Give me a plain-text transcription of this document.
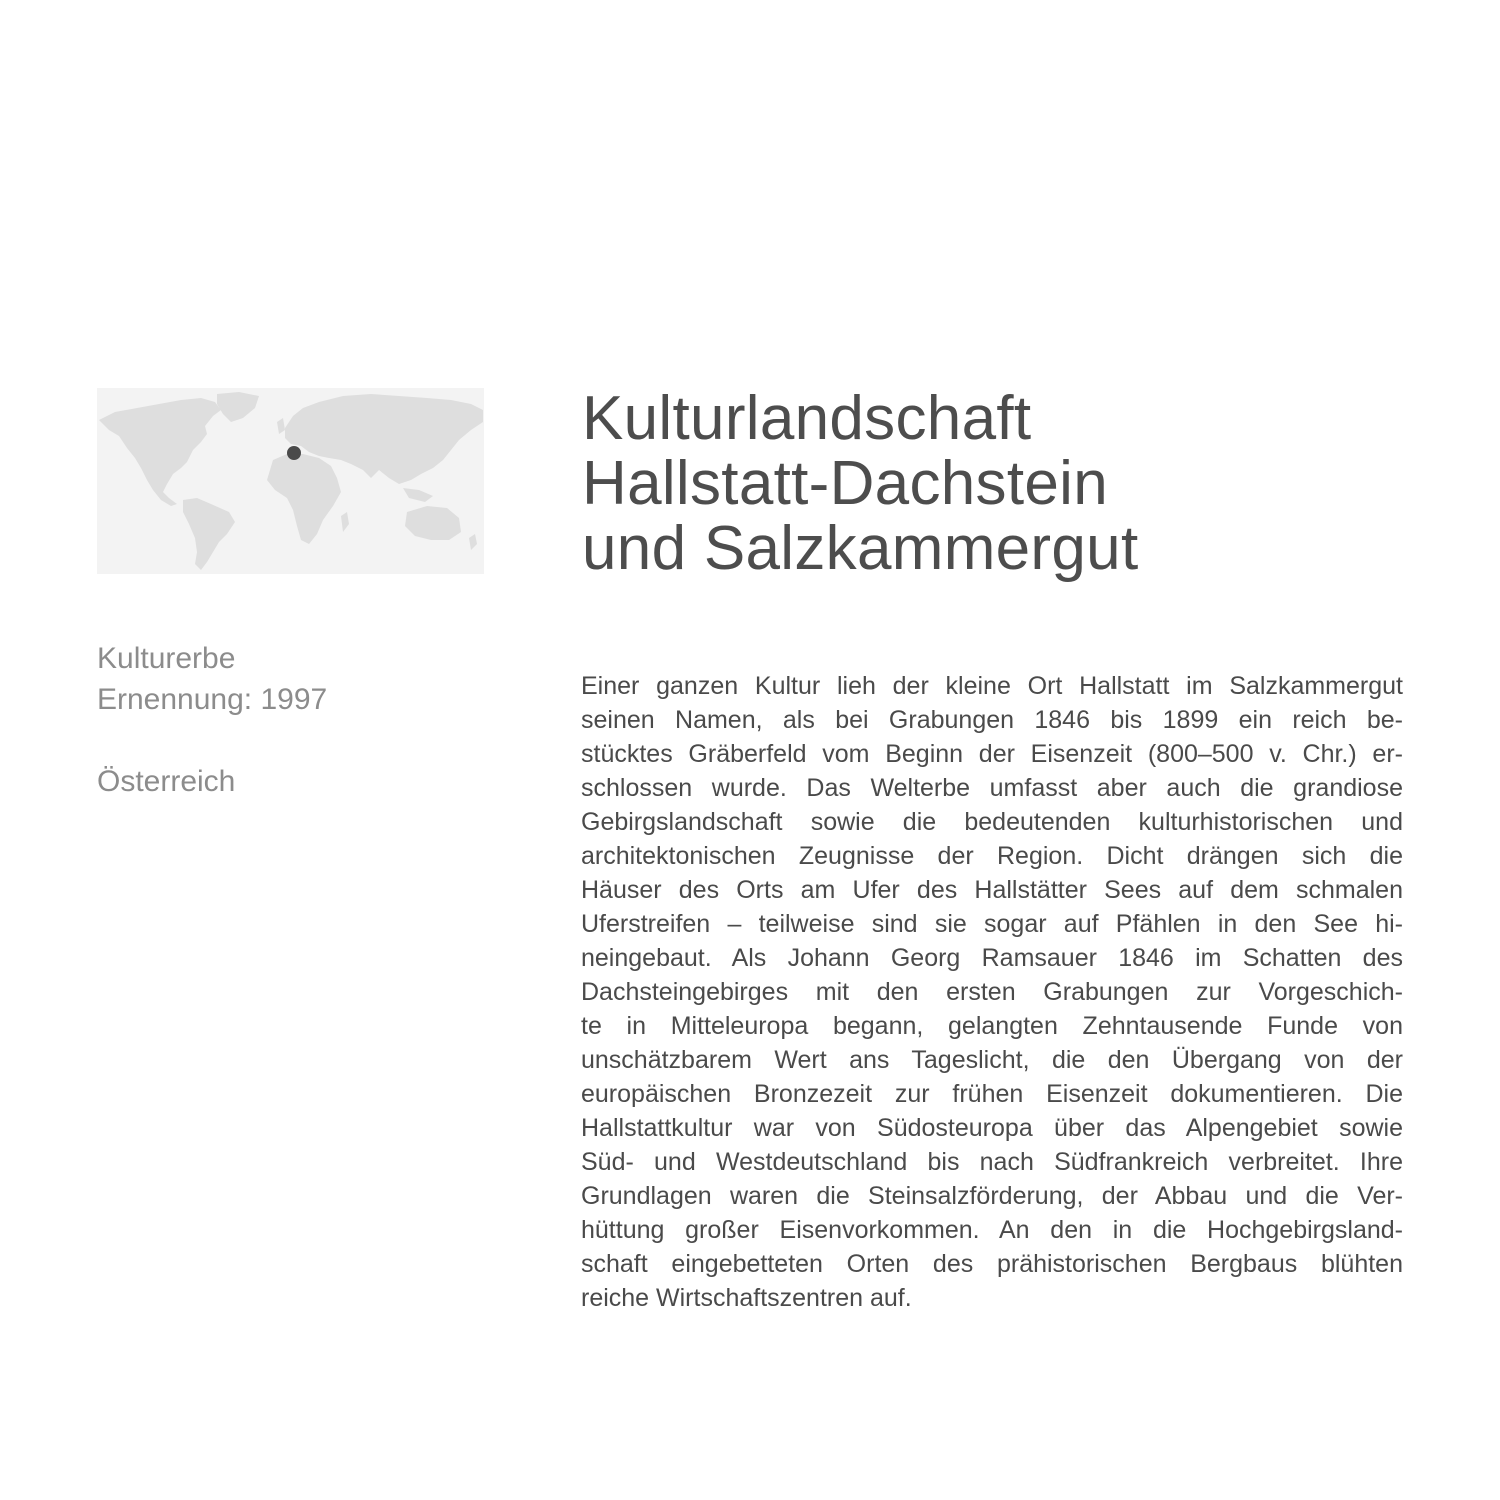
Kulturerbe
Ernennung: 1997
Österreich
Kulturlandschaft
Hallstatt-Dachstein
und Salzkammergut
Einer ganzen Kultur lieh der kleine Ort Hallstatt im Salzkammergut
seinen Namen, als bei Grabungen 1846 bis 1899 ein reich be-
stücktes Gräberfeld vom Beginn der Eisenzeit (800–500 v. Chr.) er-
schlossen wurde. Das Welterbe umfasst aber auch die grandiose
Gebirgslandschaft sowie die bedeutenden kulturhistorischen und
architektonischen Zeugnisse der Region. Dicht drängen sich die
Häuser des Orts am Ufer des Hallstätter Sees auf dem schmalen
Uferstreifen – teilweise sind sie sogar auf Pfählen in den See hi-
neingebaut. Als Johann Georg Ramsauer 1846 im Schatten des
Dachsteingebirges mit den ersten Grabungen zur Vorgeschich-
te in Mitteleuropa begann, gelangten Zehntausende Funde von
unschätzbarem Wert ans Tageslicht, die den Übergang von der
europäischen Bronzezeit zur frühen Eisenzeit dokumentieren. Die
Hallstattkultur war von Südosteuropa über das Alpengebiet sowie
Süd- und Westdeutschland bis nach Südfrankreich verbreitet. Ihre
Grundlagen waren die Steinsalzförderung, der Abbau und die Ver-
hüttung großer Eisenvorkommen. An den in die Hochgebirgsland-
schaft eingebetteten Orten des prähistorischen Bergbaus blühten
reiche Wirtschaftszentren auf.
